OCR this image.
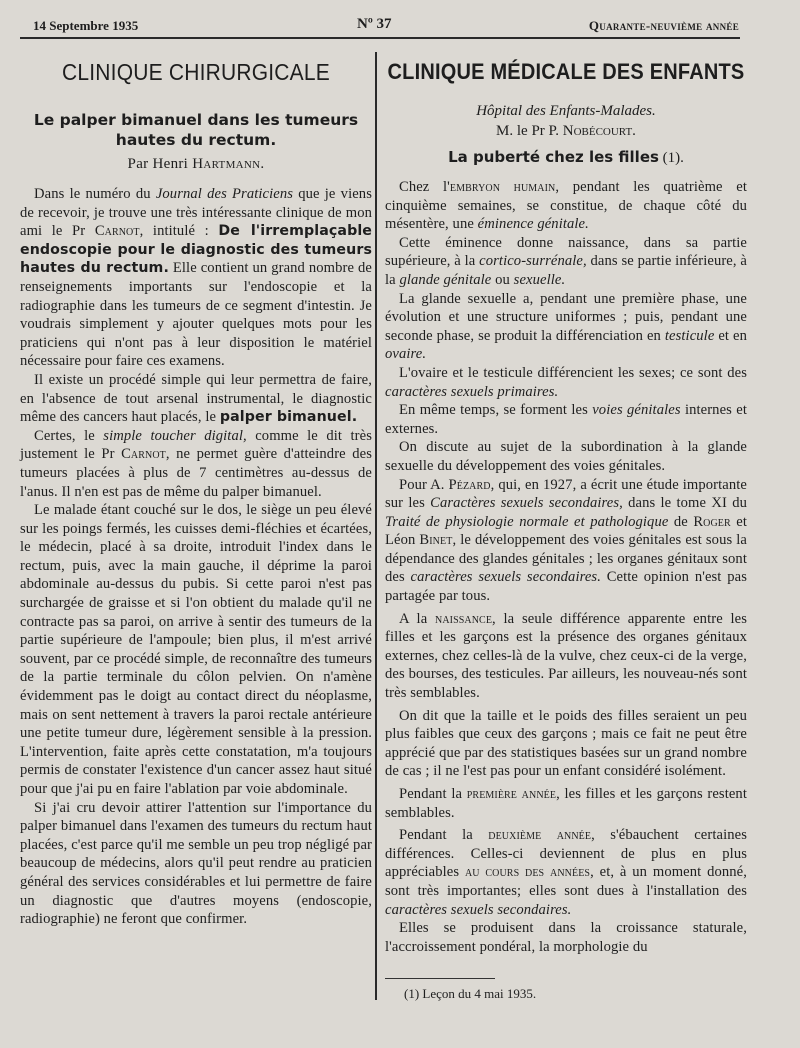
14 Septembre 1935	Nº 37	Quarante-neuvième année
CLINIQUE CHIRURGICALE
Le palper bimanuel dans les tumeurs hautes du rectum.
Par Henri Hartmann.

Dans le numéro du Journal des Praticiens que je viens de recevoir, je trouve une très intéressante clinique de mon ami le Pr Carnot, intitulé : De l'irremplaçable endoscopie pour le diagnostic des tumeurs hautes du rectum. Elle contient un grand nombre de renseignements importants sur l'endoscopie et la radiographie dans les tumeurs de ce segment d'intestin. Je voudrais simplement y ajouter quelques mots pour les praticiens qui n'ont pas à leur disposition le matériel nécessaire pour faire ces examens.

Il existe un procédé simple qui leur permettra de faire, en l'absence de tout arsenal instrumental, le diagnostic même des cancers haut placés, le palper bimanuel.

Certes, le simple toucher digital, comme le dit très justement le Pr Carnot, ne permet guère d'atteindre des tumeurs placées à plus de 7 centimètres au-dessus de l'anus. Il n'en est pas de même du palper bimanuel.

Le malade étant couché sur le dos, le siège un peu élevé sur les poings fermés, les cuisses demi-fléchies et écartées, le médecin, placé à sa droite, introduit l'index dans le rectum, puis, avec la main gauche, il déprime la paroi abdominale au-dessus du pubis. Si cette paroi n'est pas surchargée de graisse et si l'on obtient du malade qu'il ne contracte pas sa paroi, on arrive à sentir des tumeurs de la partie supérieure de l'ampoule; bien plus, il m'est arrivé souvent, par ce procédé simple, de reconnaître des tumeurs de la partie terminale du côlon pelvien. On n'amène évidemment pas le doigt au contact direct du néoplasme, mais on sent nettement à travers la paroi rectale antérieure une petite tumeur dure, légèrement sensible à la pression. L'intervention, faite après cette constatation, m'a toujours permis de constater l'existence d'un cancer assez haut situé pour que j'ai pu en faire l'ablation par voie abdominale.

Si j'ai cru devoir attirer l'attention sur l'importance du palper bimanuel dans l'examen des tumeurs du rectum haut placées, c'est parce qu'il me semble un peu trop négligé par beaucoup de médecins, alors qu'il peut rendre au praticien général des services considérables et lui permettre de faire un diagnostic que d'autres moyens (endoscopie, radiographie) ne feront que confirmer.

CLINIQUE MÉDICALE DES ENFANTS
Hôpital des Enfants-Malades.
M. le Pr P. Nobécourt.
La puberté chez les filles (1).

Chez l'embryon humain, pendant les quatrième et cinquième semaines, se constitue, de chaque côté du mésentère, une éminence génitale.

Cette éminence donne naissance, dans sa partie supérieure, à la cortico-surrénale, dans se partie inférieure, à la glande génitale ou sexuelle.

La glande sexuelle a, pendant une première phase, une évolution et une structure uniformes ; puis, pendant une seconde phase, se produit la différenciation en testicule et en ovaire.

L'ovaire et le testicule différencient les sexes; ce sont des caractères sexuels primaires.

En même temps, se forment les voies génitales internes et externes.

On discute au sujet de la subordination à la glande sexuelle du développement des voies génitales.

Pour A. Pézard, qui, en 1927, a écrit une étude importante sur les Caractères sexuels secondaires, dans le tome XI du Traité de physiologie normale et pathologique de Roger et Léon Binet, le développement des voies génitales est sous la dépendance des glandes génitales ; les organes génitaux sont des caractères sexuels secondaires. Cette opinion n'est pas partagée par tous.

A la naissance, la seule différence apparente entre les filles et les garçons est la présence des organes génitaux externes, chez celles-là de la vulve, chez ceux-ci de la verge, des bourses, des testicules. Par ailleurs, les nouveau-nés sont très semblables.

On dit que la taille et le poids des filles seraient un peu plus faibles que ceux des garçons ; mais ce fait ne peut être apprécié que par des statistiques basées sur un grand nombre de cas ; il ne l'est pas pour un enfant considéré isolément.

Pendant la première année, les filles et les garçons restent semblables.

Pendant la deuxième année, s'ébauchent certaines différences. Celles-ci deviennent de plus en plus appréciables au cours des années, et, à un moment donné, sont très importantes; elles sont dues à l'installation des caractères sexuels secondaires.

Elles se produisent dans la croissance staturale, l'accroissement pondéral, la morphologie du

(1) Leçon du 4 mai 1935.
